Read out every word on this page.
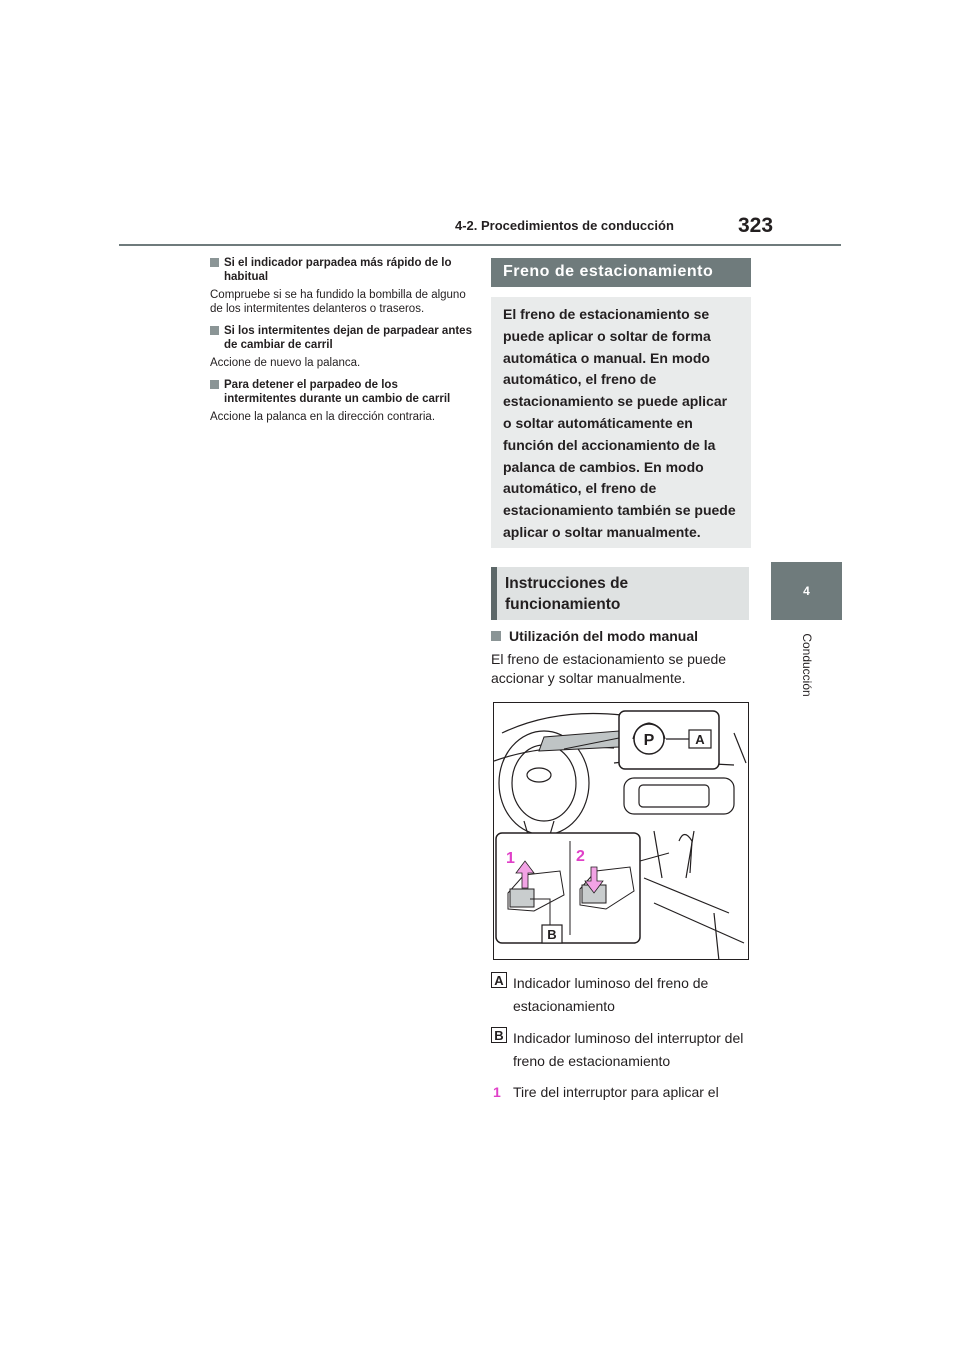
4-2. Procedimientos de conducción	323
4
Conducción
Si el indicador parpadea más rápido de lo habitual

Compruebe si se ha fundido la bombilla de alguno de los intermitentes delanteros o traseros.

Si los intermitentes dejan de parpadear antes de cambiar de carril

Accione de nuevo la palanca.

Para detener el parpadeo de los intermitentes durante un cambio de carril

Accione la palanca en la dirección contraria.

Freno de estacionamiento
El freno de estacionamiento se puede aplicar o soltar de forma automática o manual. En modo automático, el freno de estacionamiento se puede aplicar o soltar automáticamente en función del accionamiento de la palanca de cambios. En modo automático, el freno de estacionamiento también se puede aplicar o soltar manualmente.
Instrucciones de funcionamiento
Utilización del modo manual
El freno de estacionamiento se puede accionar y soltar manualmente.
P	A
1	2
B
A Indicador luminoso del freno de estacionamiento
B Indicador luminoso del interruptor del freno de estacionamiento
1 Tire del interruptor para aplicar el
